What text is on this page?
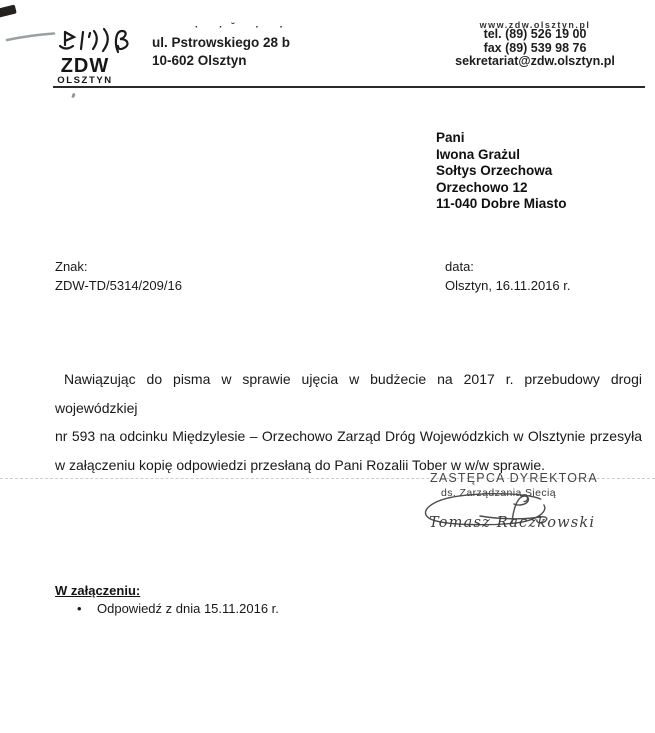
ZDW
OLSZTYN
· ·˘ · ·
ul. Pstrowskiego 28 b
10-602 Olsztyn
www.zdw.olsztyn.pl
tel. (89) 526 19 00
fax (89) 539 98 76
sekretariat@zdw.olsztyn.pl
Pani
Iwona Grażul
Sołtys Orzechowa
Orzechowo 12
11-040 Dobre Miasto
Znak:
ZDW-TD/5314/209/16
data:
Olsztyn, 16.11.2016 r.
Nawiązując do pisma w sprawie ujęcia w budżecie na 2017 r. przebudowy drogi wojewódzkiej
nr 593 na odcinku Międzylesie – Orzechowo Zarząd Dróg Wojewódzkich w Olsztynie przesyła
w załączeniu kopię odpowiedzi przesłaną do Pani Rozalii Tober w w/w sprawie.
ZASTĘPCA DYREKTORA
ds. Zarządzania Siecią
Tomasz Raczkowski
W załączeniu:
• Odpowiedź z dnia 15.11.2016 r.
